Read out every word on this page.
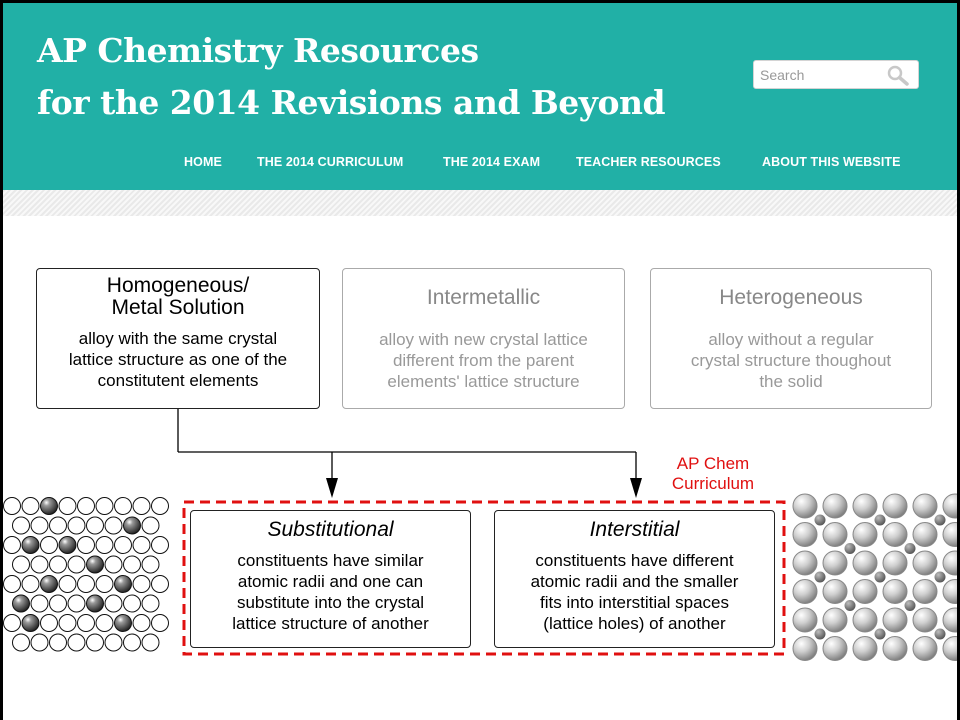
AP Chemistry Resources
for the 2014 Revisions and Beyond
Search
HOME	THE 2014 CURRICULUM	THE 2014 EXAM	TEACHER RESOURCES	ABOUT THIS WEBSITE
Homogeneous/
Metal Solution
alloy with the same crystal
lattice structure as one of the
constitutent elements
Intermetallic
alloy with new crystal lattice
different from the parent
elements' lattice structure
Heterogeneous
alloy without a regular
crystal structure thoughout
the solid
AP Chem
Curriculum
Substitutional
constituents have similar
atomic radii and one can
substitute into the crystal
lattice structure of another
Interstitial
constituents have different
atomic radii and the smaller
fits into interstitial spaces
(lattice holes) of another
